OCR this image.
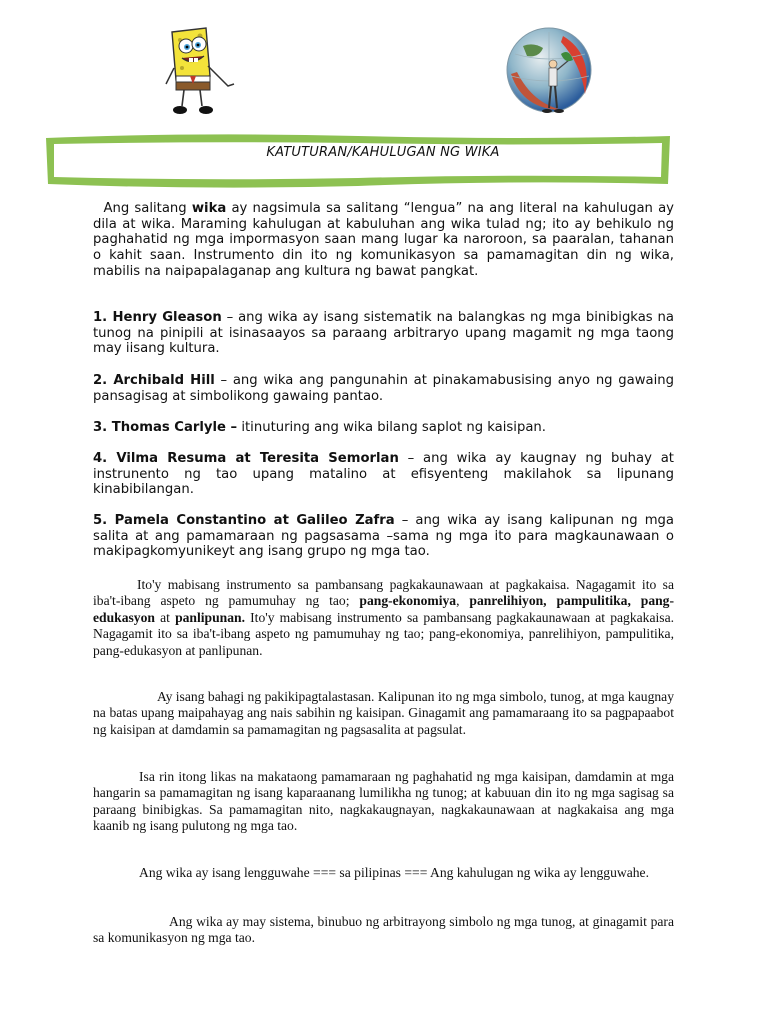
KATUTURAN/KAHULUGAN NG WIKA
Ang salitang wika ay nagsimula sa salitang “lengua” na ang literal na kahulugan ay dila at wika. Maraming kahulugan at kabuluhan ang wika tulad ng; ito ay behikulo ng paghahatid ng mga impormasyon saan mang lugar ka naroroon, sa paaralan, tahanan o kahit saan. Instrumento din ito ng komunikasyon sa pamamagitan din ng wika, mabilis na naipapalaganap ang kultura ng bawat pangkat.
1. Henry Gleason – ang wika ay isang sistematik na balangkas ng mga binibigkas na tunog na pinipili at isinasaayos sa paraang arbitraryo upang magamit ng mga taong may iisang kultura.
2. Archibald Hill – ang wika ang pangunahin at pinakamabusising anyo ng gawaing pansagisag at simbolikong gawaing pantao.
3. Thomas Carlyle – itinuturing ang wika bilang saplot ng kaisipan.
4. Vilma Resuma at Teresita Semorlan – ang wika ay kaugnay ng buhay at instrunento ng tao upang matalino at efisyenteng makilahok sa lipunang kinabibilangan.
5. Pamela Constantino at Galileo Zafra – ang wika ay isang kalipunan ng mga salita at ang pamamaraan ng pagsasama –sama ng mga ito para magkaunawaan o makipagkomyunikeyt ang isang grupo ng mga tao.
Ito'y mabisang instrumento sa pambansang pagkakaunawaan at pagkakaisa. Nagagamit ito sa iba't-ibang aspeto ng pamumuhay ng tao; pang-ekonomiya, panrelihiyon, pampulitika, pang-edukasyon at panlipunan. Ito'y mabisang instrumento sa pambansang pagkakaunawaan at pagkakaisa. Nagagamit ito sa iba't-ibang aspeto ng pamumuhay ng tao; pang-ekonomiya, panrelihiyon, pampulitika, pang-edukasyon at panlipunan.
Ay isang bahagi ng pakikipagtalastasan. Kalipunan ito ng mga simbolo, tunog, at mga kaugnay na batas upang maipahayag ang nais sabihin ng kaisipan. Ginagamit ang pamamaraang ito sa pagpapaabot ng kaisipan at damdamin sa pamamagitan ng pagsasalita at pagsulat.
Isa rin itong likas na makataong pamamaraan ng paghahatid ng mga kaisipan, damdamin at mga hangarin sa pamamagitan ng isang kaparaanang lumilikha ng tunog; at kabuuan din ito ng mga sagisag sa paraang binibigkas. Sa pamamagitan nito, nagkakaugnayan, nagkakaunawaan at nagkakaisa ang mga kaanib ng isang pulutong ng mga tao.
Ang wika ay isang lengguwahe === sa pilipinas === Ang kahulugan ng wika ay lengguwahe.
Ang wika ay may sistema, binubuo ng arbitrayong simbolo ng mga tunog, at ginagamit para sa komunikasyon ng mga tao.
